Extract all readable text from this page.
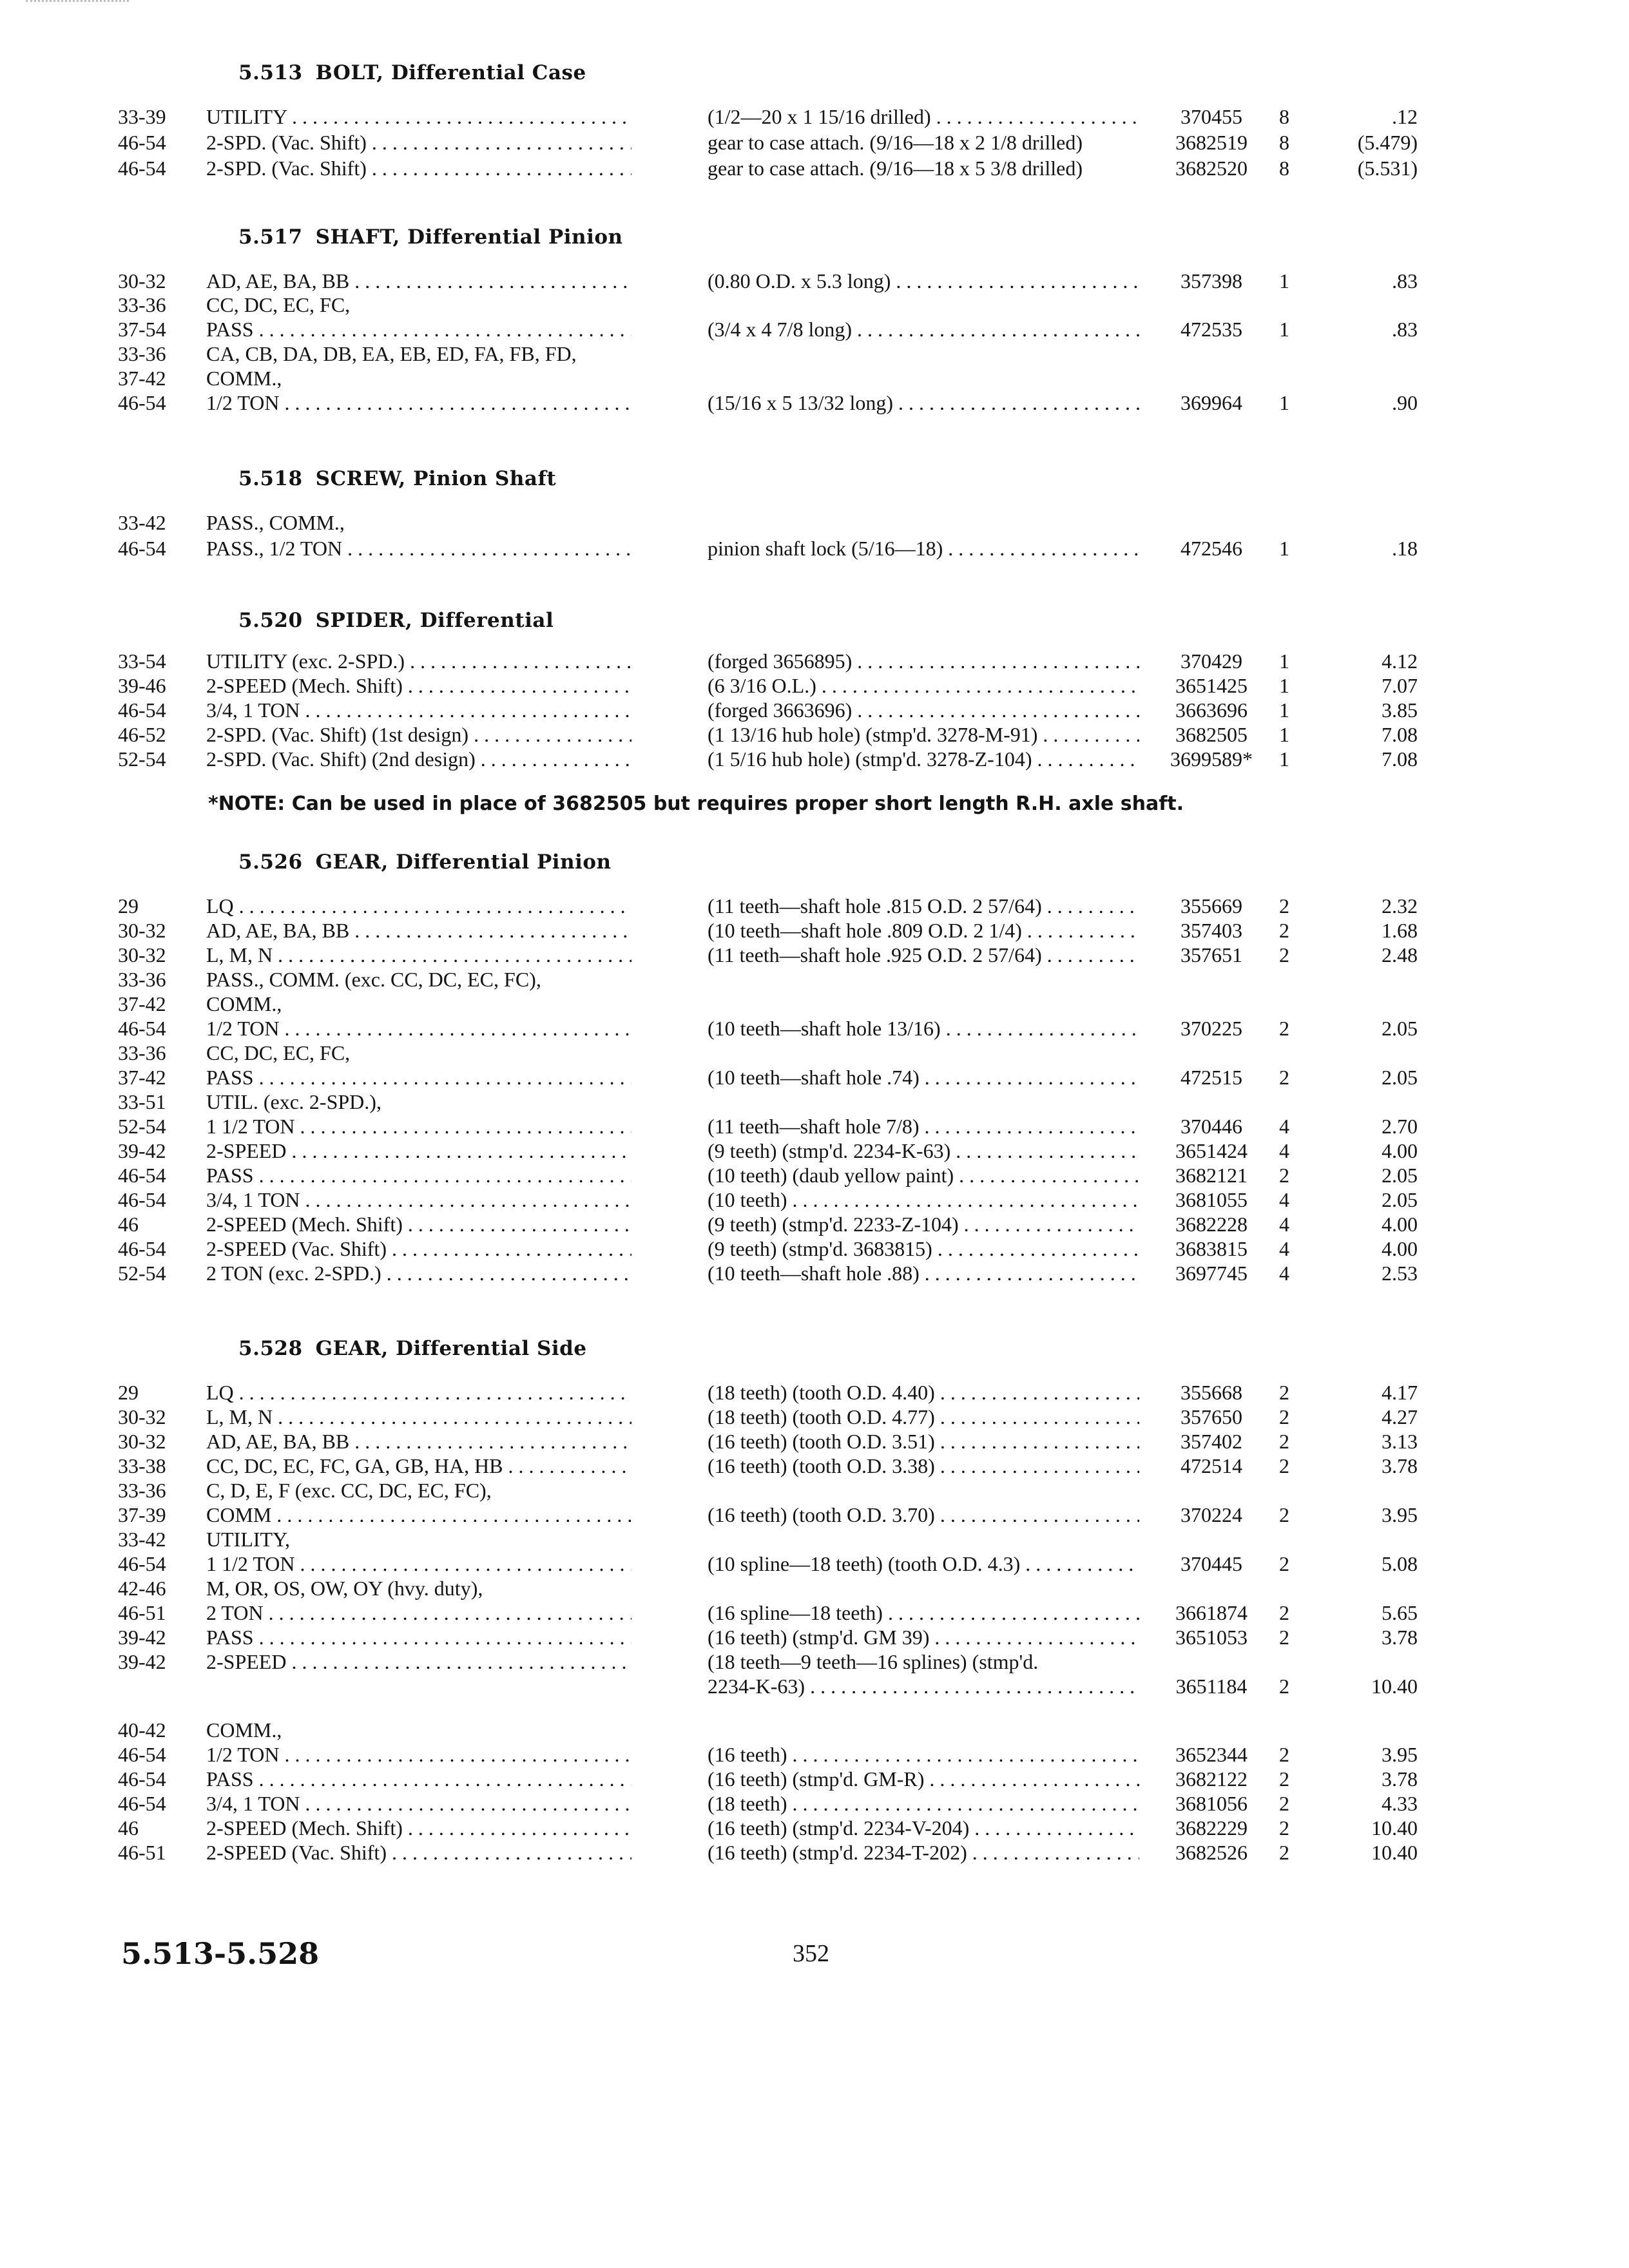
5.513 BOLT, Differential Case
33-39	UTILITY . . .	(1/2—20 x 1 15/16 drilled) . . .	370455	8	.12
46-54	2-SPD. (Vac. Shift) . . .	gear to case attach. (9/16—18 x 2 1/8 drilled)	3682519	8	(5.479)
46-54	2-SPD. (Vac. Shift) . . .	gear to case attach. (9/16—18 x 5 3/8 drilled)	3682520	8	(5.531)
5.517 SHAFT, Differential Pinion
30-32	AD, AE, BA, BB . . .	(0.80 O.D. x 5.3 long) . . .	357398	1	.83
33-36	CC, DC, EC, FC,
37-54	PASS . . .	(3/4 x 4 7/8 long) . . .	472535	1	.83
33-36	CA, CB, DA, DB, EA, EB, ED, FA, FB, FD,
37-42	COMM.,
46-54	1/2 TON . . .	(15/16 x 5 13/32 long) . . .	369964	1	.90
5.518 SCREW, Pinion Shaft
33-42	PASS., COMM.,
46-54	PASS., 1/2 TON . . .	pinion shaft lock (5/16—18) . . .	472546	1	.18
5.520 SPIDER, Differential
33-54	UTILITY (exc. 2-SPD.) . . .	(forged 3656895) . . .	370429	1	4.12
39-46	2-SPEED (Mech. Shift) . . .	(6 3/16 O.L.) . . .	3651425	1	7.07
46-54	3/4, 1 TON . . .	(forged 3663696) . . .	3663696	1	3.85
46-52	2-SPD. (Vac. Shift) (1st design) . . .	(1 13/16 hub hole) (stmp'd. 3278-M-91) . . .	3682505	1	7.08
52-54	2-SPD. (Vac. Shift) (2nd design) . . .	(1 5/16 hub hole) (stmp'd. 3278-Z-104) . . .	3699589*	1	7.08
5.526 GEAR, Differential Pinion
29	LQ . . .	(11 teeth—shaft hole .815 O.D. 2 57/64) . . .	355669	2	2.32
30-32	AD, AE, BA, BB . . .	(10 teeth—shaft hole .809 O.D. 2 1/4) . . .	357403	2	1.68
30-32	L, M, N . . .	(11 teeth—shaft hole .925 O.D. 2 57/64) . . .	357651	2	2.48
33-36	PASS., COMM. (exc. CC, DC, EC, FC),
37-42	COMM.,
46-54	1/2 TON . . .	(10 teeth—shaft hole 13/16) . . .	370225	2	2.05
33-36	CC, DC, EC, FC,
37-42	PASS . . .	(10 teeth—shaft hole .74) . . .	472515	2	2.05
33-51	UTIL. (exc. 2-SPD.),
52-54	1 1/2 TON . . .	(11 teeth—shaft hole 7/8) . . .	370446	4	2.70
39-42	2-SPEED . . .	(9 teeth) (stmp'd. 2234-K-63) . . .	3651424	4	4.00
46-54	PASS . . .	(10 teeth) (daub yellow paint) . . .	3682121	2	2.05
46-54	3/4, 1 TON . . .	(10 teeth) . . .	3681055	4	2.05
46	2-SPEED (Mech. Shift) . . .	(9 teeth) (stmp'd. 2233-Z-104) . . .	3682228	4	4.00
46-54	2-SPEED (Vac. Shift) . . .	(9 teeth) (stmp'd. 3683815) . . .	3683815	4	4.00
52-54	2 TON (exc. 2-SPD.) . . .	(10 teeth—shaft hole .88) . . .	3697745	4	2.53
5.528 GEAR, Differential Side
29	LQ . . .	(18 teeth) (tooth O.D. 4.40) . . .	355668	2	4.17
30-32	L, M, N . . .	(18 teeth) (tooth O.D. 4.77) . . .	357650	2	4.27
30-32	AD, AE, BA, BB . . .	(16 teeth) (tooth O.D. 3.51) . . .	357402	2	3.13
33-38	CC, DC, EC, FC, GA, GB, HA, HB . . .	(16 teeth) (tooth O.D. 3.38) . . .	472514	2	3.78
33-36	C, D, E, F (exc. CC, DC, EC, FC),
37-39	COMM . . .	(16 teeth) (tooth O.D. 3.70) . . .	370224	2	3.95
33-42	UTILITY,
46-54	1 1/2 TON . . .	(10 spline—18 teeth) (tooth O.D. 4.3) . . .	370445	2	5.08
42-46	M, OR, OS, OW, OY (hvy. duty),
46-51	2 TON . . .	(16 spline—18 teeth) . . .	3661874	2	5.65
39-42	PASS . . .	(16 teeth) (stmp'd. GM 39) . . .	3651053	2	3.78
39-42	2-SPEED . . .	(18 teeth—9 teeth—16 splines) (stmp'd.
2234-K-63) . . .	3651184	2	10.40
40-42	COMM.,
46-54	1/2 TON . . .	(16 teeth) . . .	3652344	2	3.95
46-54	PASS . . .	(16 teeth) (stmp'd. GM-R) . . .	3682122	2	3.78
46-54	3/4, 1 TON . . .	(18 teeth) . . .	3681056	2	4.33
46	2-SPEED (Mech. Shift) . . .	(16 teeth) (stmp'd. 2234-V-204) . . .	3682229	2	10.40
46-51	2-SPEED (Vac. Shift) . . .	(16 teeth) (stmp'd. 2234-T-202) . . .	3682526	2	10.40
*NOTE: Can be used in place of 3682505 but requires proper short length R.H. axle shaft.
5.513-5.528	352
